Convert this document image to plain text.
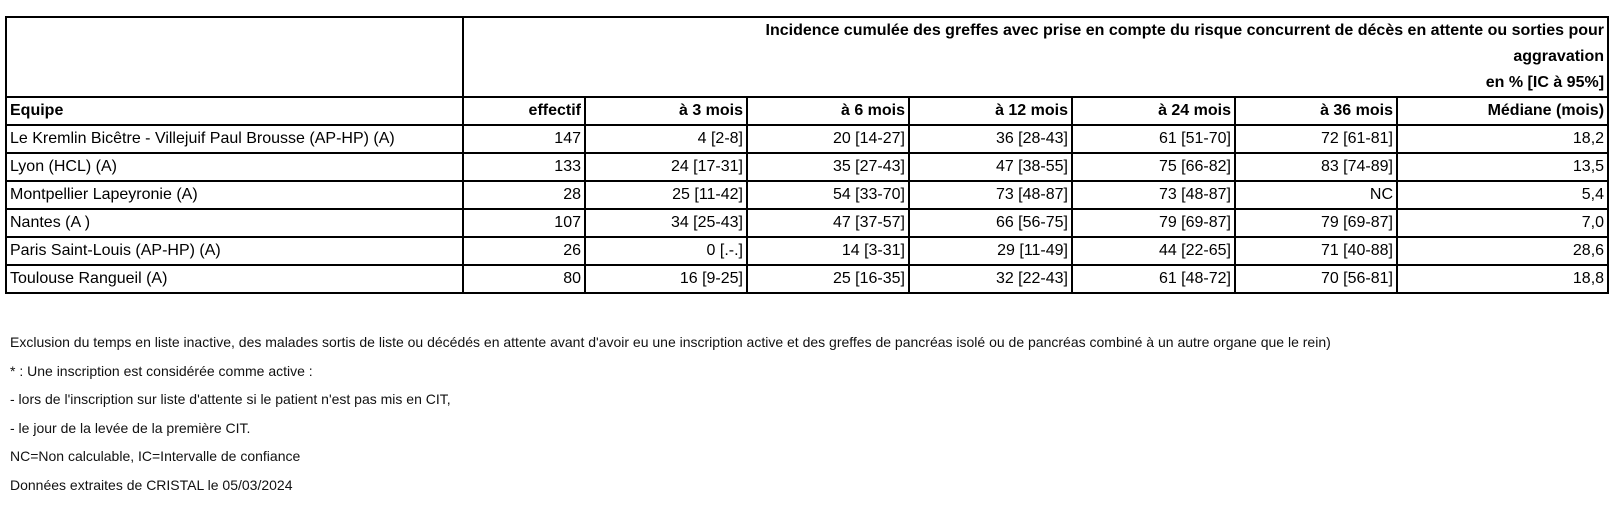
	Incidence cumulée des greffes avec prise en compte du risque concurrent de décès en attente ou sorties pour
aggravation
en % [IC à 95%]						

Equipe	effectif	à 3 mois	à 6 mois	à 12 mois	à 24 mois	à 36 mois	Médiane (mois)
Le Kremlin Bicêtre - Villejuif Paul Brousse (AP-HP) (A)	147	4 [2-8]	20 [14-27]	36 [28-43]	61 [51-70]	72 [61-81]	18,2
Lyon (HCL) (A)	133	24 [17-31]	35 [27-43]	47 [38-55]	75 [66-82]	83 [74-89]	13,5
Montpellier Lapeyronie (A)	28	25 [11-42]	54 [33-70]	73 [48-87]	73 [48-87]	NC	5,4
Nantes (A )	107	34 [25-43]	47 [37-57]	66 [56-75]	79 [69-87]	79 [69-87]	7,0
Paris Saint-Louis (AP-HP) (A)	26	0 [.-.]	14 [3-31]	29 [11-49]	44 [22-65]	71 [40-88]	28,6
Toulouse Rangueil (A)	80	16 [9-25]	25 [16-35]	32 [22-43]	61 [48-72]	70 [56-81]	18,8
Exclusion du temps en liste inactive, des malades sortis de liste ou décédés en attente avant d'avoir eu une inscription active et des greffes de pancréas isolé ou de pancréas combiné à un autre organe que le rein)
* : Une inscription est considérée comme active :
- lors de l'inscription sur liste d'attente si le patient n'est pas mis en CIT,
- le jour de la levée de la première CIT.
NC=Non calculable, IC=Intervalle de confiance
Données extraites de CRISTAL le 05/03/2024
